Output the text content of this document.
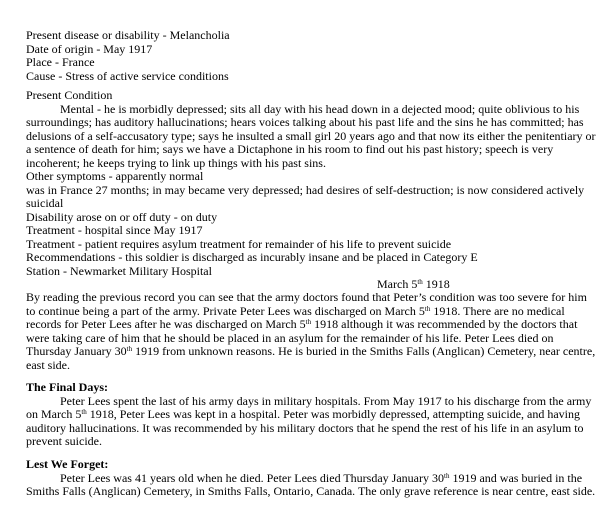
Present disease or disability - Melancholia
Date of origin - May 1917
Place - France
Cause - Stress of active service conditions
Present Condition
Mental - he is morbidly depressed; sits all day with his head down in a dejected mood; quite oblivious to his
surroundings; has auditory hallucinations; hears voices talking about his past life and the sins he has committed; has
delusions of a self-accusatory type; says he insulted a small girl 20 years ago and that now its either the penitentiary or
a sentence of death for him; says we have a Dictaphone in his room to find out his past history; speech is very
incoherent; he keeps trying to link up things with his past sins.
Other symptoms - apparently normal
was in France 27 months; in may became very depressed; had desires of self-destruction; is now considered actively
suicidal
Disability arose on or off duty - on duty
Treatment - hospital since May 1917
Treatment - patient requires asylum treatment for remainder of his life to prevent suicide
Recommendations - this soldier is discharged as incurably insane and be placed in Category E
Station - Newmarket Military Hospital
March 5th 1918
By reading the previous record you can see that the army doctors found that Peter’s condition was too severe for him
to continue being a part of the army. Private Peter Lees was discharged on March 5th 1918. There are no medical
records for Peter Lees after he was discharged on March 5th 1918 although it was recommended by the doctors that
were taking care of him that he should be placed in an asylum for the remainder of his life. Peter Lees died on
Thursday January 30th 1919 from unknown reasons. He is buried in the Smiths Falls (Anglican) Cemetery, near centre,
east side.
The Final Days:
Peter Lees spent the last of his army days in military hospitals. From May 1917 to his discharge from the army
on March 5th 1918, Peter Lees was kept in a hospital. Peter was morbidly depressed, attempting suicide, and having
auditory hallucinations. It was recommended by his military doctors that he spend the rest of his life in an asylum to
prevent suicide.
Lest We Forget:
Peter Lees was 41 years old when he died. Peter Lees died Thursday January 30th 1919 and was buried in the
Smiths Falls (Anglican) Cemetery, in Smiths Falls, Ontario, Canada. The only grave reference is near centre, east side.
